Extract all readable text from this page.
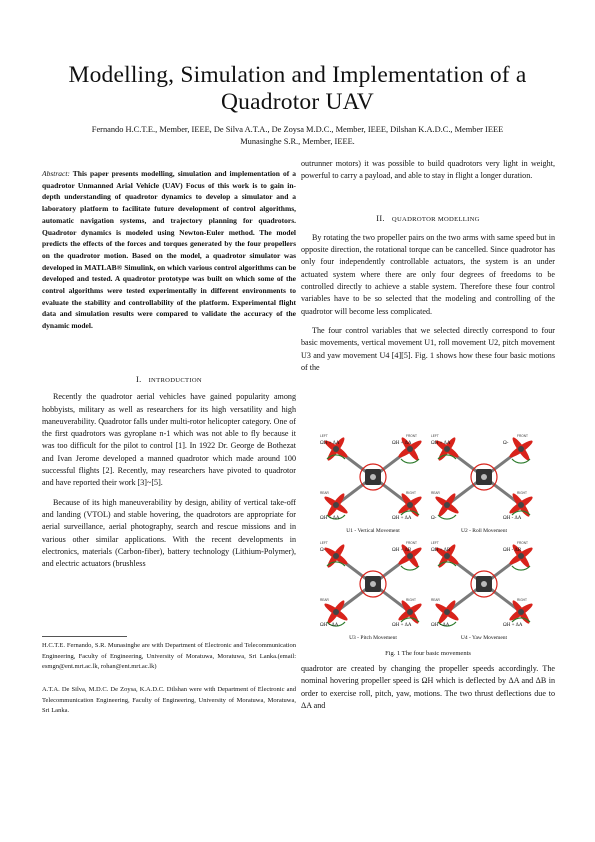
Modelling, Simulation and Implementation of a
Quadrotor UAV
Fernando H.C.T.E., Member, IEEE, De Silva A.T.A., De Zoysa M.D.C., Member, IEEE, Dilshan K.A.D.C., Member IEEE
Munasinghe S.R., Member, IEEE.
Abstract: This paper presents modelling, simulation and implementation of a quadrotor Unmanned Arial Vehicle (UAV) Focus of this work is to gain in-depth understanding of quadrotor dynamics to develop a simulator and a laboratory platform to facilitate future development of control algorithms, automatic navigation systems, and trajectory planning for quadrotors. Quadrotor dynamics is modeled using Newton-Euler method. The model predicts the effects of the forces and torques generated by the four propellers on the quadrotor motion. Based on the model, a quadrotor simulator was developed in MATLAB® Simulink, on which various control algorithms can be developed and tested. A quadrotor prototype was built on which some of the control algorithms were tested experimentally in different environments to evaluate the stability and controllability of the platform. Experimental flight data and simulation results were compared to validate the accuracy of the dynamic model.
I. INTRODUCTION

Recently the quadrotor aerial vehicles have gained popularity among hobbyists, military as well as researchers for its high versatility and high maneuverability. Quadrotor falls under multi-rotor helicopter category. One of the first quadrotors was gyroplane n-1 which was not able to fly because it was too difficult for the pilot to control [1]. In 1922 Dr. George de Bothezat and Ivan Jerome developed a manned quadrotor which made around 100 successful flights [2]. Recently, may researchers have pivoted to quadrotor and have reported their work [3]~[5].

Because of its high maneuverability by design, ability of vertical take-off and landing (VTOL) and stable hovering, the quadrotors are appropriate for aerial surveillance, aerial photography, search and rescue missions and in various other similar applications. With the recent developments in electronics, materials (Carbon-fiber), battery technology (Lithium-Polymer), and electric actuators (brushless

H.C.T.E. Fernando, S.R. Munasinghe are with Department of Electronic and Telecommunication Engineering, Faculty of Engineering, University of Moratuwa, Moratuwa, Sri Lanka.(email: esmgn@ent.mrt.ac.lk, rohan@ent.mrt.ac.lk)
A.T.A. De Silva, M.D.C. De Zoysa, K.A.D.C. Dilshan were with Department of Electronic and Telecommunication Engineering, Faculty of Engineering, University of Moratuwa, Moratuwa, Sri Lanka.

outrunner motors) it was possible to build quadrotors very light in weight, powerful to carry a payload, and able to stay in flight a longer duration.

II. QUADROTOR MODELLING

By rotating the two propeller pairs on the two arms with same speed but in opposite direction, the rotational torque can be cancelled. Since quadrotor has only four independently controllable actuators, the system is an under actuated system where there are only four degrees of freedoms to be controlled directly to achieve a stable system. Therefore these four control variables have to be so selected that the modeling and controlling of the quadrotor will become less complicated.

The four control variables that we selected directly correspond to four basic movements, vertical movement U1, roll movement U2, pitch movement U3 and yaw movement U4 [4][5]. Fig. 1 shows how these four basic motions of the

LEFT	FRONT
REAR	RIGHT
ΩH + ΔA	ΩH + ΔA
ΩH + ΔA	ΩH + ΔA
U1 - Vertical Movement
LEFT	FRONT
REAR	RIGHT
ΩH + ΔA	Ω-
Ω-	ΩH - ΔA
U2 - Roll Movement
LEFT	FRONT
REAR	RIGHT
Ω-	ΩH + ΔB
ΩH - ΔA	ΩH + ΔA
U3 - Pitch Movement
LEFT	FRONT
REAR	RIGHT
ΩH + ΔB	ΩH - ΔB
ΩH - ΔA	ΩH + ΔA
U4 - Yaw Movement
Fig. 1 The four basic movements

quadrotor are created by changing the propeller speeds accordingly. The nominal hovering propeller speed is ΩH which is deflected by ΔA and ΔB in order to exercise roll, pitch, yaw, motions. The two thrust deflections due to ΔA and
